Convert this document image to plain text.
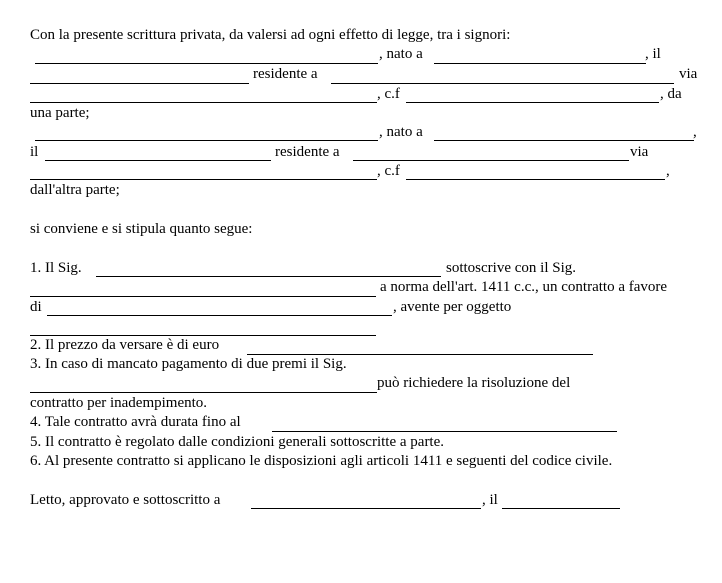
Con la presente scrittura privata, da valersi ad ogni effetto di legge, tra i signori:
, nato a	, il
residente a	via
, c.f	, da
una parte;
, nato a	,
il	residente a	via
, c.f	,
dall'altra parte;
si conviene e si stipula quanto segue:
1. Il Sig.	sottoscrive con il Sig.
a norma dell'art. 1411 c.c., un contratto a favore
di	, avente per oggetto
2. Il prezzo da versare è di euro
3. In caso di mancato pagamento di due premi il Sig.
può richiedere la risoluzione del
contratto per inadempimento.
4. Tale contratto avrà durata fino al
5. Il contratto è regolato dalle condizioni generali sottoscritte a parte.
6. Al presente contratto si applicano le disposizioni agli articoli 1411 e seguenti del codice civile.
Letto, approvato e sottoscritto a	, il
